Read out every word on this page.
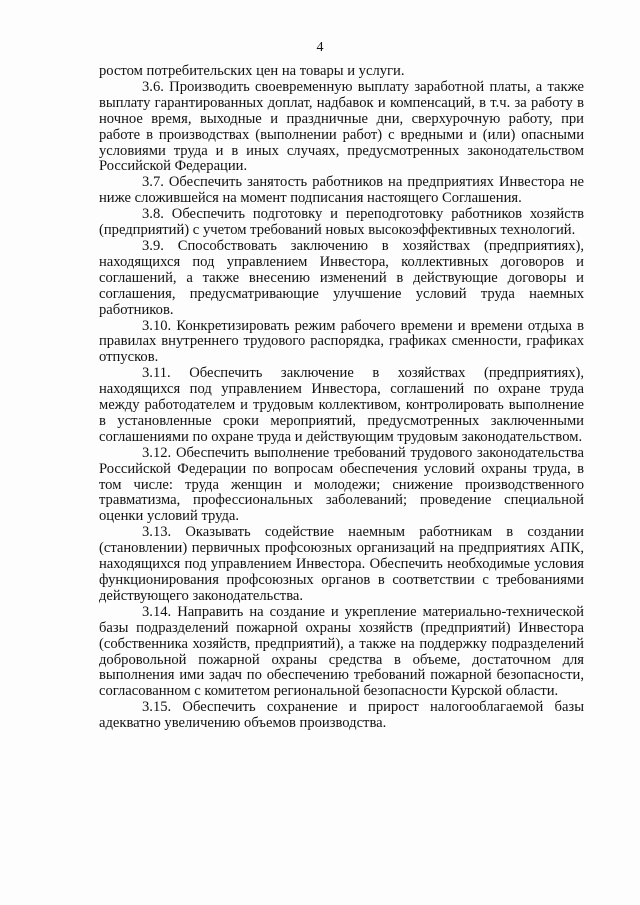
4

ростом потребительских цен на товары и услуги.

3.6. Производить своевременную выплату заработной платы, а также выплату гарантированных доплат, надбавок и компенсаций, в т.ч. за работу в ночное время, выходные и праздничные дни, сверхурочную работу, при работе в производствах (выполнении работ) с вредными и (или) опасными условиями труда и в иных случаях, предусмотренных законодательством Российской Федерации.

3.7. Обеспечить занятость работников на предприятиях Инвестора не ниже сложившейся на момент подписания настоящего Соглашения.

3.8. Обеспечить подготовку и переподготовку работников хозяйств (предприятий) с учетом требований новых высокоэффективных технологий.

3.9. Способствовать заключению в хозяйствах (предприятиях), находящихся под управлением Инвестора, коллективных договоров и соглашений, а также внесению изменений в действующие договоры и соглашения, предусматривающие улучшение условий труда наемных работников.

3.10. Конкретизировать режим рабочего времени и времени отдыха в правилах внутреннего трудового распорядка, графиках сменности, графиках отпусков.

3.11. Обеспечить заключение в хозяйствах (предприятиях), находящихся под управлением Инвестора, соглашений по охране труда между работодателем и трудовым коллективом, контролировать выполнение в установленные сроки мероприятий, предусмотренных заключенными соглашениями по охране труда и действующим трудовым законодательством.

3.12. Обеспечить выполнение требований трудового законодательства Российской Федерации по вопросам обеспечения условий охраны труда, в том числе: труда женщин и молодежи; снижение производственного травматизма, профессиональных заболеваний; проведение специальной оценки условий труда.

3.13. Оказывать содействие наемным работникам в создании (становлении) первичных профсоюзных организаций на предприятиях АПК, находящихся под управлением Инвестора. Обеспечить необходимые условия функционирования профсоюзных органов в соответствии с требованиями действующего законодательства.

3.14. Направить на создание и укрепление материально-технической базы подразделений пожарной охраны хозяйств (предприятий) Инвестора (собственника хозяйств, предприятий), а также на поддержку подразделений добровольной пожарной охраны средства в объеме, достаточном для выполнения ими задач по обеспечению требований пожарной безопасности, согласованном с комитетом региональной безопасности Курской области.

3.15. Обеспечить сохранение и прирост налогооблагаемой базы адекватно увеличению объемов производства.
